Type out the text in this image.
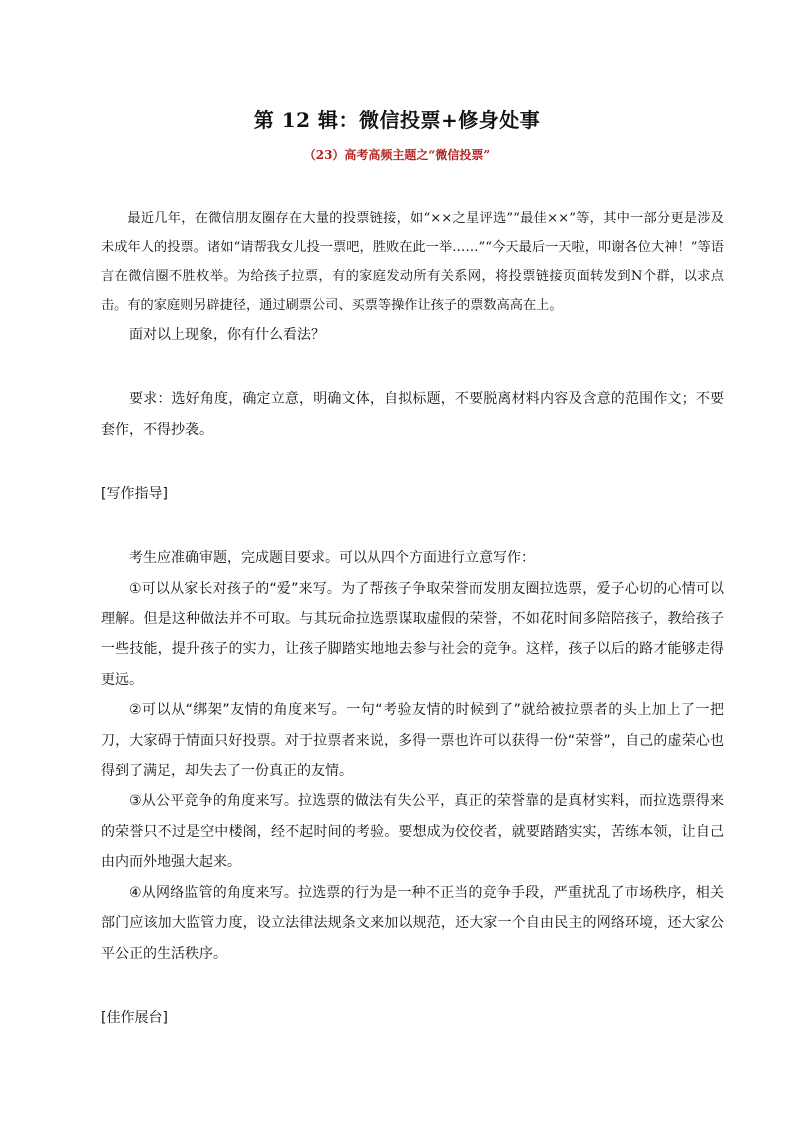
第 12 辑：微信投票+修身处事
（23）高考高频主题之“微信投票”

最近几年，在微信朋友圈存在大量的投票链接，如“××之星评选”“最佳××”等，其中一部分更是涉及未成年人的投票。诸如“请帮我女儿投一票吧，胜败在此一举……”“今天最后一天啦，叩谢各位大神！”等语言在微信圈不胜枚举。为给孩子拉票，有的家庭发动所有关系网，将投票链接页面转发到N个群，以求点击。有的家庭则另辟捷径，通过刷票公司、买票等操作让孩子的票数高高在上。

面对以上现象，你有什么看法？

要求：选好角度，确定立意，明确文体，自拟标题，不要脱离材料内容及含意的范围作文；不要套作，不得抄袭。

[写作指导]

考生应准确审题，完成题目要求。可以从四个方面进行立意写作：

①可以从家长对孩子的“爱”来写。为了帮孩子争取荣誉而发朋友圈拉选票，爱子心切的心情可以理解。但是这种做法并不可取。与其玩命拉选票谋取虚假的荣誉，不如花时间多陪陪孩子，教给孩子一些技能，提升孩子的实力，让孩子脚踏实地地去参与社会的竞争。这样，孩子以后的路才能够走得更远。

②可以从“绑架”友情的角度来写。一句“考验友情的时候到了”就给被拉票者的头上加上了一把刀，大家碍于情面只好投票。对于拉票者来说，多得一票也许可以获得一份“荣誉”，自己的虚荣心也得到了满足，却失去了一份真正的友情。

③从公平竞争的角度来写。拉选票的做法有失公平，真正的荣誉靠的是真材实料，而拉选票得来的荣誉只不过是空中楼阁，经不起时间的考验。要想成为佼佼者，就要踏踏实实，苦练本领，让自己由内而外地强大起来。

④从网络监管的角度来写。拉选票的行为是一种不正当的竞争手段，严重扰乱了市场秩序，相关部门应该加大监管力度，设立法律法规条文来加以规范，还大家一个自由民主的网络环境，还大家公平公正的生活秩序。

[佳作展台]
